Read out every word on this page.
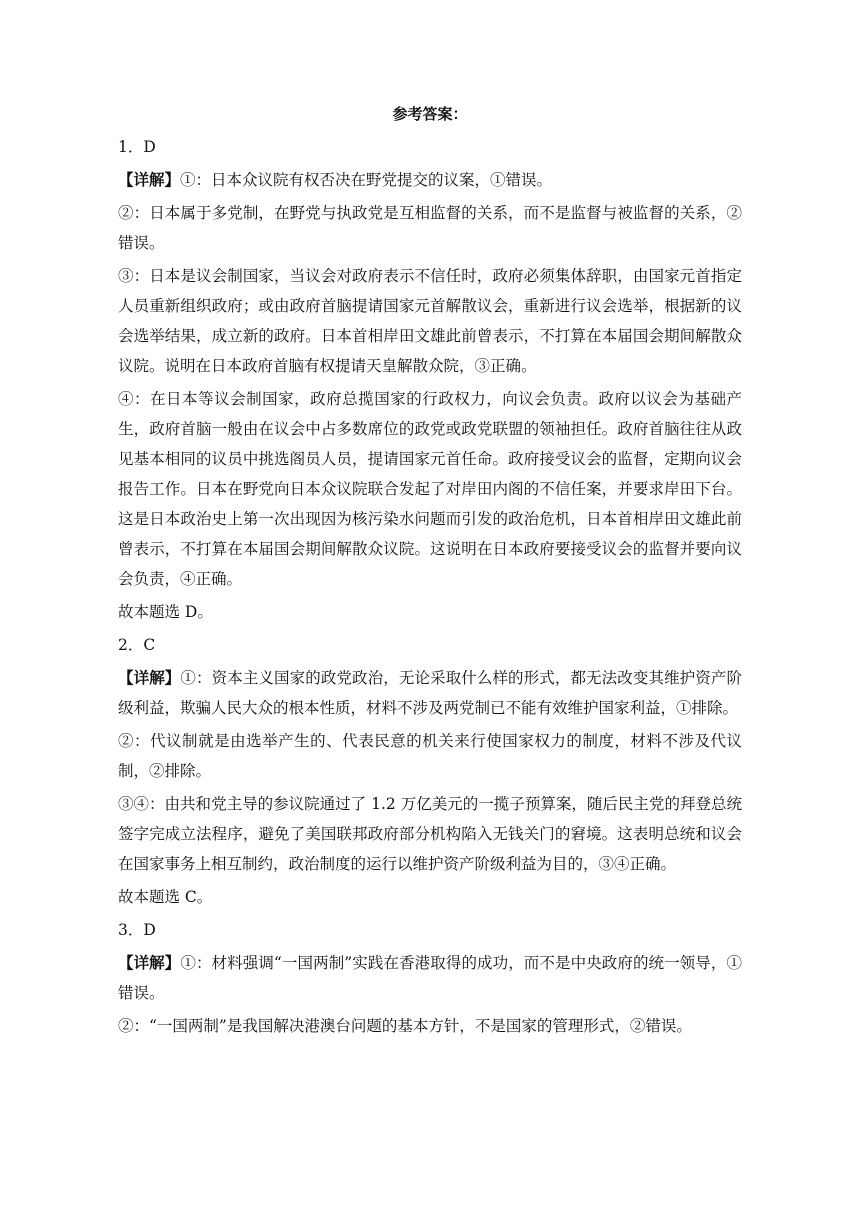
参考答案：
1．D

【详解】①：日本众议院有权否决在野党提交的议案，①错误。

②：日本属于多党制，在野党与执政党是互相监督的关系，而不是监督与被监督的关系，②错误。

③：日本是议会制国家，当议会对政府表示不信任时，政府必须集体辞职，由国家元首指定人员重新组织政府；或由政府首脑提请国家元首解散议会，重新进行议会选举，根据新的议会选举结果，成立新的政府。日本首相岸田文雄此前曾表示，不打算在本届国会期间解散众议院。说明在日本政府首脑有权提请天皇解散众院，③正确。

④：在日本等议会制国家，政府总揽国家的行政权力，向议会负责。政府以议会为基础产生，政府首脑一般由在议会中占多数席位的政党或政党联盟的领袖担任。政府首脑往往从政见基本相同的议员中挑选阁员人员，提请国家元首任命。政府接受议会的监督，定期向议会报告工作。日本在野党向日本众议院联合发起了对岸田内阁的不信任案，并要求岸田下台。这是日本政治史上第一次出现因为核污染水问题而引发的政治危机，日本首相岸田文雄此前曾表示，不打算在本届国会期间解散众议院。这说明在日本政府要接受议会的监督并要向议会负责，④正确。

故本题选 D。

2．C

【详解】①：资本主义国家的政党政治，无论采取什么样的形式，都无法改变其维护资产阶级利益，欺骗人民大众的根本性质，材料不涉及两党制已不能有效维护国家利益，①排除。

②：代议制就是由选举产生的、代表民意的机关来行使国家权力的制度，材料不涉及代议制，②排除。

③④：由共和党主导的参议院通过了 1.2 万亿美元的一揽子预算案，随后民主党的拜登总统签字完成立法程序，避免了美国联邦政府部分机构陷入无钱关门的窘境。这表明总统和议会在国家事务上相互制约，政治制度的运行以维护资产阶级利益为目的，③④正确。

故本题选 C。

3．D

【详解】①：材料强调“一国两制”实践在香港取得的成功，而不是中央政府的统一领导，①错误。

②：“一国两制”是我国解决港澳台问题的基本方针，不是国家的管理形式，②错误。
